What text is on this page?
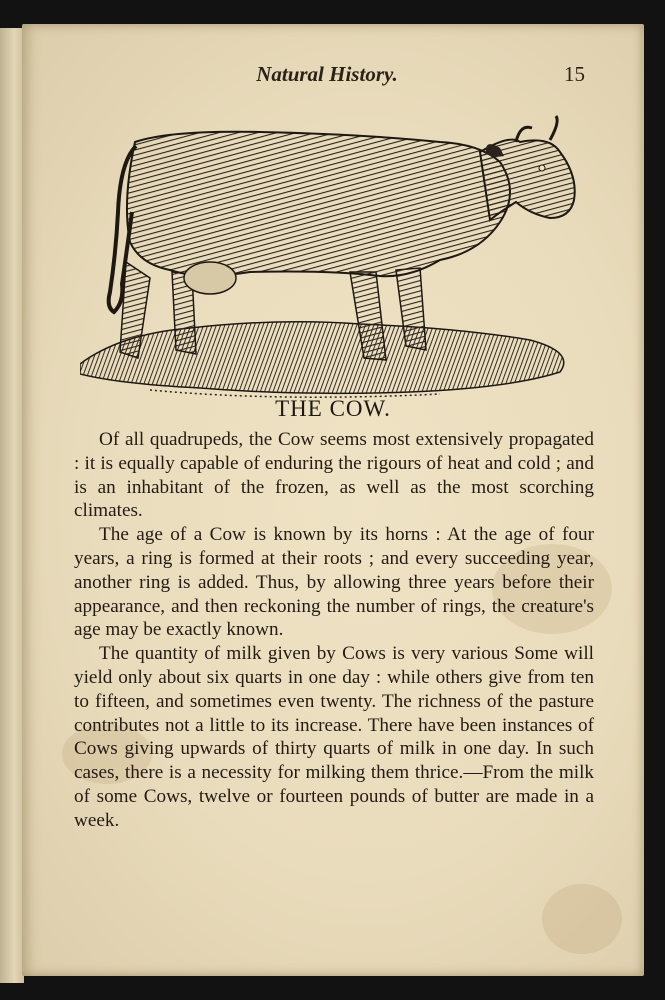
Natural History.	15
THE COW.

Of all quadrupeds, the Cow seems most extensively propagated : it is equally capable of enduring the rigours of heat and cold ; and is an inhabitant of the frozen, as well as the most scorching climates.

The age of a Cow is known by its horns : At the age of four years, a ring is formed at their roots ; and every succeeding year, another ring is added. Thus, by allowing three years before their appearance, and then reckoning the number of rings, the creature's age may be exactly known.

The quantity of milk given by Cows is very various Some will yield only about six quarts in one day : while others give from ten to fifteen, and sometimes even twenty. The richness of the pasture contributes not a little to its increase. There have been instances of Cows giving upwards of thirty quarts of milk in one day. In such cases, there is a necessity for milking them thrice.—From the milk of some Cows, twelve or fourteen pounds of butter are made in a week.
